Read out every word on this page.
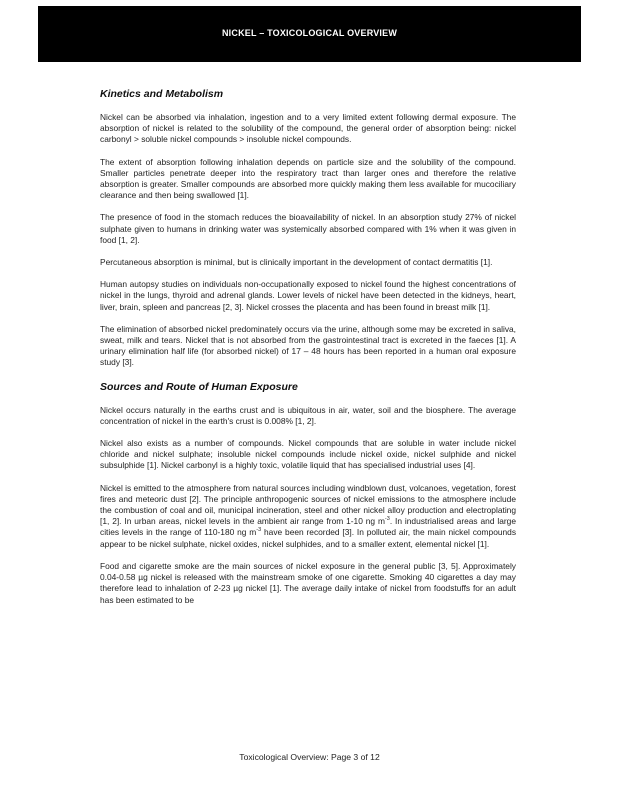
NICKEL – TOXICOLOGICAL OVERVIEW
Kinetics and Metabolism

Nickel can be absorbed via inhalation, ingestion and to a very limited extent following dermal exposure. The absorption of nickel is related to the solubility of the compound, the general order of absorption being: nickel carbonyl > soluble nickel compounds > insoluble nickel compounds.

The extent of absorption following inhalation depends on particle size and the solubility of the compound. Smaller particles penetrate deeper into the respiratory tract than larger ones and therefore the relative absorption is greater. Smaller compounds are absorbed more quickly making them less available for mucociliary clearance and then being swallowed [1].

The presence of food in the stomach reduces the bioavailability of nickel. In an absorption study 27% of nickel sulphate given to humans in drinking water was systemically absorbed compared with 1% when it was given in food [1, 2].

Percutaneous absorption is minimal, but is clinically important in the development of contact dermatitis [1].

Human autopsy studies on individuals non-occupationally exposed to nickel found the highest concentrations of nickel in the lungs, thyroid and adrenal glands. Lower levels of nickel have been detected in the kidneys, heart, liver, brain, spleen and pancreas [2, 3]. Nickel crosses the placenta and has been found in breast milk [1].

The elimination of absorbed nickel predominately occurs via the urine, although some may be excreted in saliva, sweat, milk and tears. Nickel that is not absorbed from the gastrointestinal tract is excreted in the faeces [1]. A urinary elimination half life (for absorbed nickel) of 17 – 48 hours has been reported in a human oral exposure study [3].

Sources and Route of Human Exposure

Nickel occurs naturally in the earths crust and is ubiquitous in air, water, soil and the biosphere. The average concentration of nickel in the earth's crust is 0.008% [1, 2].

Nickel also exists as a number of compounds. Nickel compounds that are soluble in water include nickel chloride and nickel sulphate; insoluble nickel compounds include nickel oxide, nickel sulphide and nickel subsulphide [1]. Nickel carbonyl is a highly toxic, volatile liquid that has specialised industrial uses [4].

Nickel is emitted to the atmosphere from natural sources including windblown dust, volcanoes, vegetation, forest fires and meteoric dust [2]. The principle anthropogenic sources of nickel emissions to the atmosphere include the combustion of coal and oil, municipal incineration, steel and other nickel alloy production and electroplating [1, 2]. In urban areas, nickel levels in the ambient air range from 1-10 ng $m^{-3}$. In industrialised areas and large cities levels in the range of 110-180 ng $m^{-3}$ have been recorded [3]. In polluted air, the main nickel compounds appear to be nickel sulphate, nickel oxides, nickel sulphides, and to a smaller extent, elemental nickel [1].

Food and cigarette smoke are the main sources of nickel exposure in the general public [3, 5]. Approximately 0.04-0.58 µg nickel is released with the mainstream smoke of one cigarette. Smoking 40 cigarettes a day may therefore lead to inhalation of 2-23 µg nickel [1]. The average daily intake of nickel from foodstuffs for an adult has been estimated to be

Toxicological Overview: Page 3 of 12
